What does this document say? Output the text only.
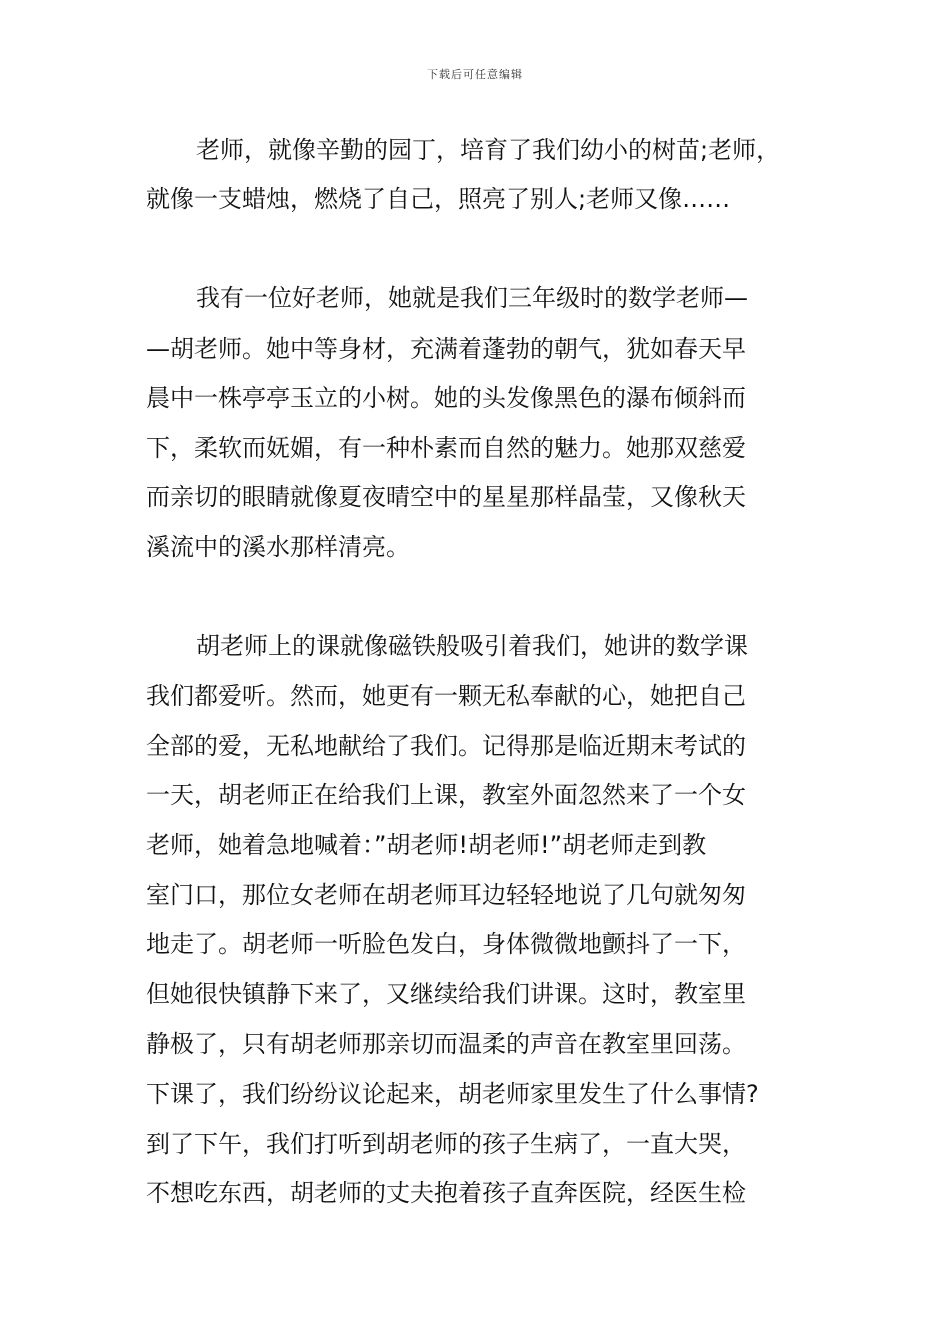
下载后可任意编辑
老师，就像辛勤的园丁，培育了我们幼小的树苗;老师，
就像一支蜡烛，燃烧了自己，照亮了别人;老师又像……
我有一位好老师，她就是我们三年级时的数学老师—
—胡老师。她中等身材，充满着蓬勃的朝气，犹如春天早
晨中一株亭亭玉立的小树。她的头发像黑色的瀑布倾斜而
下，柔软而妩媚，有一种朴素而自然的魅力。她那双慈爱
而亲切的眼睛就像夏夜晴空中的星星那样晶莹，又像秋天
溪流中的溪水那样清亮。
胡老师上的课就像磁铁般吸引着我们，她讲的数学课
我们都爱听。然而，她更有一颗无私奉献的心，她把自己
全部的爱，无私地献给了我们。记得那是临近期末考试的
一天，胡老师正在给我们上课，教室外面忽然来了一个女
老师，她着急地喊着：”胡老师!胡老师!”胡老师走到教
室门口，那位女老师在胡老师耳边轻轻地说了几句就匆匆
地走了。胡老师一听脸色发白，身体微微地颤抖了一下，
但她很快镇静下来了，又继续给我们讲课。这时，教室里
静极了，只有胡老师那亲切而温柔的声音在教室里回荡。
下课了，我们纷纷议论起来，胡老师家里发生了什么事情?
到了下午，我们打听到胡老师的孩子生病了，一直大哭，
不想吃东西，胡老师的丈夫抱着孩子直奔医院，经医生检
